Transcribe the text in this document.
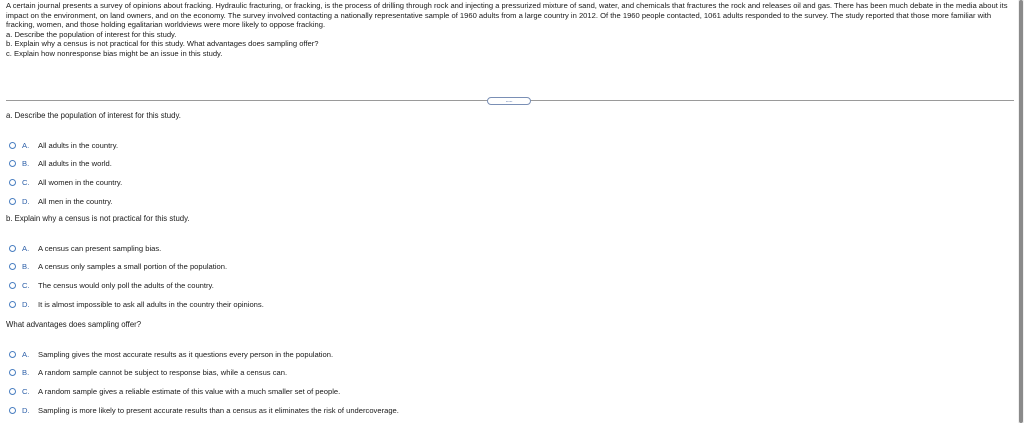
A certain journal presents a survey of opinions about fracking. Hydraulic fracturing, or fracking, is the process of drilling through rock and injecting a pressurized mixture of sand, water, and chemicals that fractures the rock and releases oil and gas. There has been much debate in the media about its impact on the environment, on land owners, and on the economy. The survey involved contacting a nationally representative sample of 1960 adults from a large country in 2012. Of the 1960 people contacted, 1061 adults responded to the survey. The study reported that those more familiar with fracking, women, and those holding egalitarian worldviews were more likely to oppose fracking.

a. Describe the population of interest for this study.

b. Explain why a census is not practical for this study. What advantages does sampling offer?

c. Explain how nonresponse bias might be an issue in this study.

.....

a. Describe the population of interest for this study.

A.	All adults in the country.
B.	All adults in the world.
C.	All women in the country.
D.	All men in the country.

b. Explain why a census is not practical for this study.

A.	A census can present sampling bias.
B.	A census only samples a small portion of the population.
C.	The census would only poll the adults of the country.
D.	It is almost impossible to ask all adults in the country their opinions.

What advantages does sampling offer?

A.	Sampling gives the most accurate results as it questions every person in the population.
B.	A random sample cannot be subject to response bias, while a census can.
C.	A random sample gives a reliable estimate of this value with a much smaller set of people.
D.	Sampling is more likely to present accurate results than a census as it eliminates the risk of undercoverage.
